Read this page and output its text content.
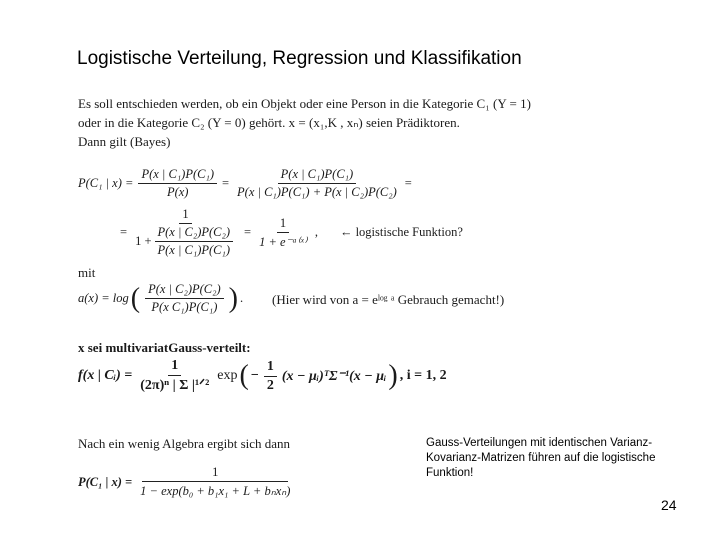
Logistische Verteilung, Regression und Klassifikation
Es soll entschieden werden, ob ein Objekt oder eine Person in die Kategorie C₁ (Y = 1)
oder in die Kategorie C₂ (Y = 0) gehört. x = (x₁,K , xₙ) seien Prädiktoren.
Dann gilt (Bayes)
P(C₁ | $x) = \frac{\text{P(x | C₁)P(C₁)}}{P(x)} = \frac{\text{P(x | C₁)P(C₁)}}{\text{P(x | C₁)P(C₁) + P(x | C₂)P(C₂)}}$ =
= $\frac{1}{1 + \frac{\text{P(x | C₂)P(C₂)}}{\text{P(x | C₁)P(C₁)}}} = \frac{1}{\text{1 + e⁻ᵃ⁽ˣ⁾}}$ , ← logistische Funktion?
mit
a(x) = log ( $\frac{\text{P(x | C₂)P(C₂)}}{\text{P(x C₁)P(C₁)}}$ ) . (Hier wird von a = eˡᵒᵍ ᵃ Gebrauch gemacht!)
x sei multivariatGauss-verteilt:
f(x | Cᵢ) = $\frac{1}{\text{(2π)ⁿ | Σ |¹ᐟ²}}$ exp ( − $\frac{1}{2} (x$ − μᵢ)ᵀΣ⁻¹(x − μᵢ ) , i = 1, 2
Nach ein wenig Algebra ergibt sich dann
P(C₁ | $x) = \frac{1}{\text{1 − exp(b₀ + b₁x₁ + L + bₙxₙ)}}$
Gauss-Verteilungen mit identischen Varianz-Kovarianz-Matrizen führen auf die logistische Funktion!
24
